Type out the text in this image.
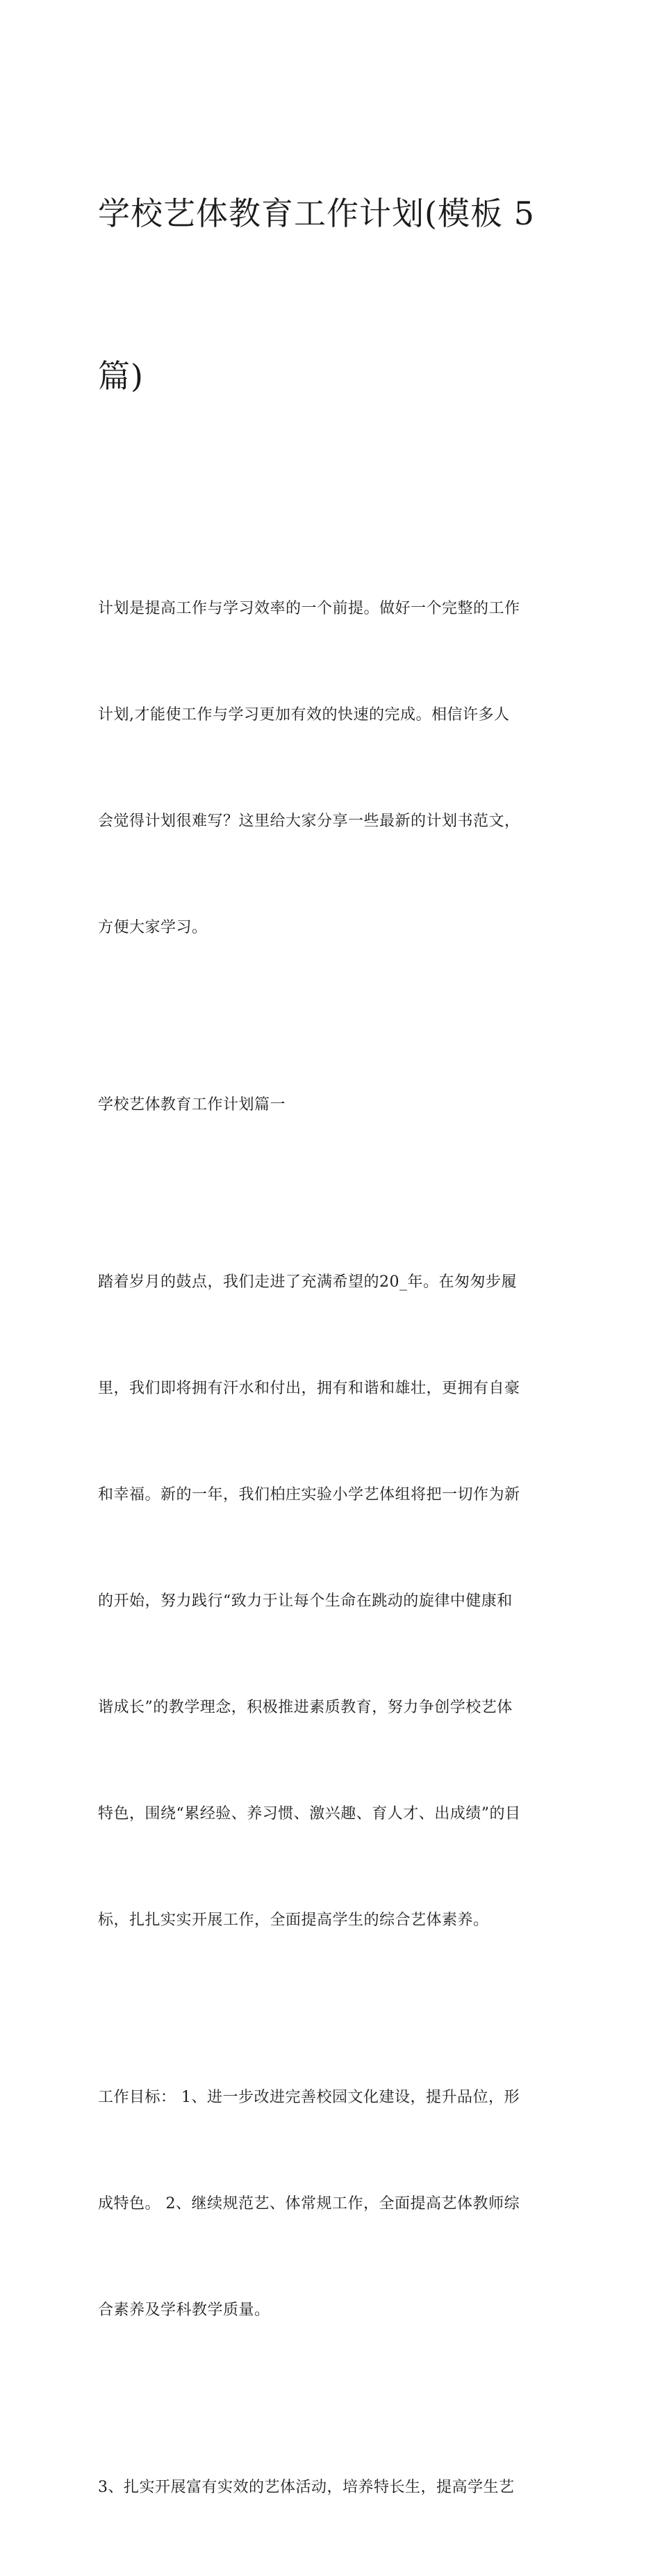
学校艺体教育工作计划(模板 5

篇)

计划是提高工作与学习效率的一个前提。做好一个完整的工作

计划,才能使工作与学习更加有效的快速的完成。相信许多人

会觉得计划很难写？这里给大家分享一些最新的计划书范文，

方便大家学习。

学校艺体教育工作计划篇一

踏着岁月的鼓点，我们走进了充满希望的20_年。在匆匆步履

里，我们即将拥有汗水和付出，拥有和谐和雄壮，更拥有自豪

和幸福。新的一年，我们柏庄实验小学艺体组将把一切作为新

的开始，努力践行“致力于让每个生命在跳动的旋律中健康和

谐成长”的教学理念，积极推进素质教育，努力争创学校艺体

特色，围绕“累经验、养习惯、激兴趣、育人才、出成绩”的目

标，扎扎实实开展工作，全面提高学生的综合艺体素养。

工作目标： 1、进一步改进完善校园文化建设，提升品位，形

成特色。 2、继续规范艺、体常规工作，全面提高艺体教师综

合素养及学科教学质量。

3、扎实开展富有实效的艺体活动，培养特长生，提高学生艺
